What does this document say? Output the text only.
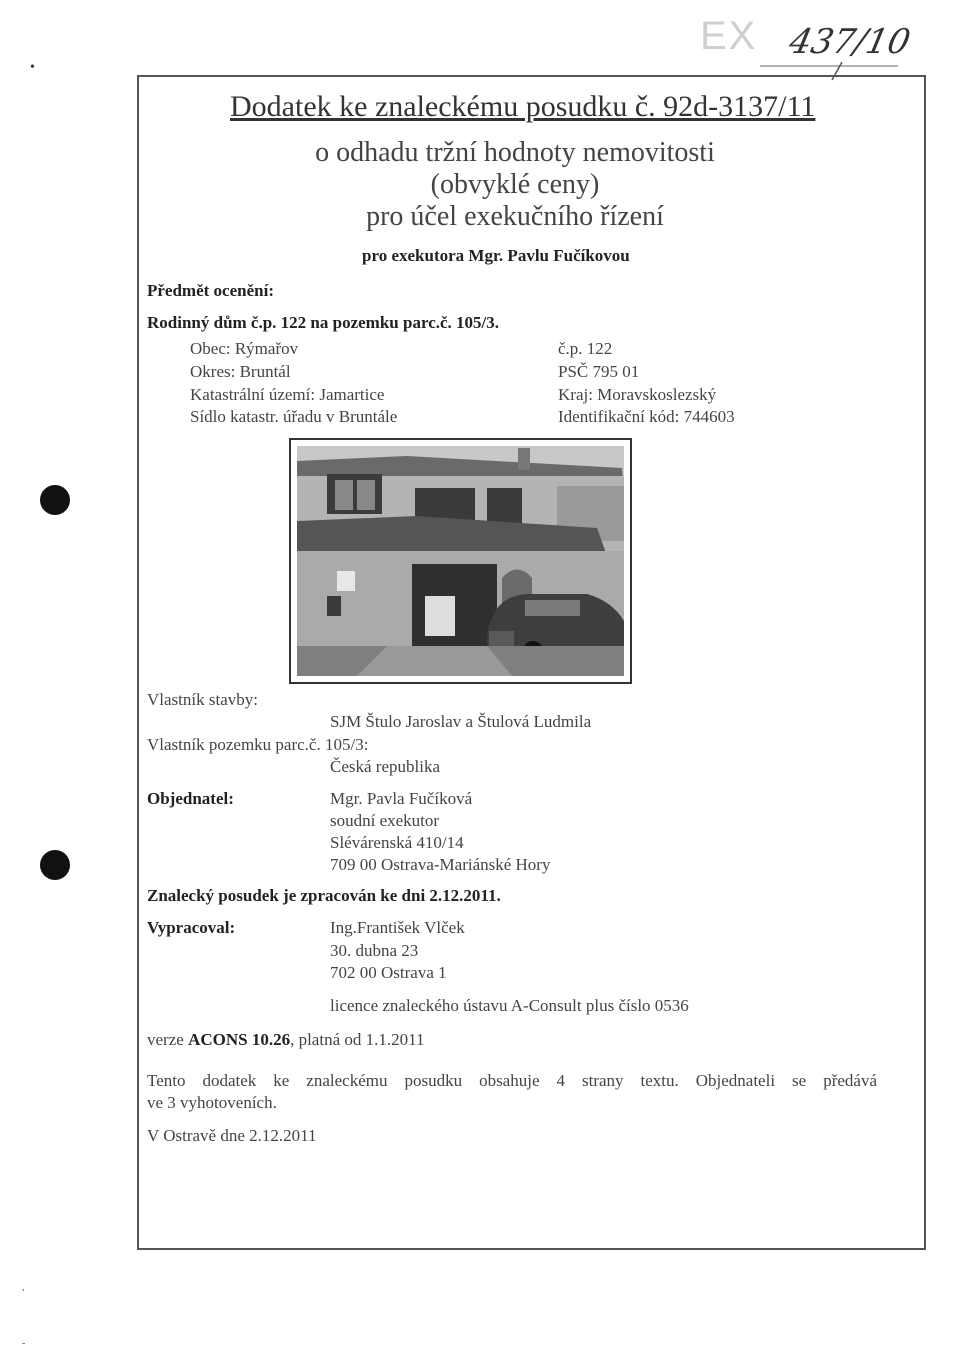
•
EX 437/10
Dodatek ke znaleckému posudku č. 92d-3137/11
o odhadu tržní hodnoty nemovitosti
(obvyklé ceny)
pro účel exekučního řízení
pro exekutora Mgr. Pavlu Fučíkovou
Předmět ocenění:
Rodinný dům č.p. 122 na pozemku parc.č. 105/3.
Obec: Rýmařov
Okres: Bruntál
Katastrální území: Jamartice
Sídlo katastr. úřadu v Bruntále
č.p. 122
PSČ 795 01
Kraj: Moravskoslezský
Identifikační kód: 744603
Vlastník stavby:
SJM Štulo Jaroslav a Štulová Ludmila
Vlastník pozemku parc.č. 105/3:
Česká republika
Objednatel:	Mgr. Pavla Fučíková
soudní exekutor
Slévárenská 410/14
709 00 Ostrava-Mariánské Hory
Znalecký posudek je zpracován ke dni 2.12.2011.
Vypracoval:	Ing.František Vlček
30. dubna 23
702 00 Ostrava 1
licence znaleckého ústavu A-Consult plus číslo 0536
verze ACONS 10.26, platná od 1.1.2011
Tento dodatek ke znaleckému posudku obsahuje 4 strany textu. Objednateli se předává
ve 3 vyhotoveních.
V Ostravě dne 2.12.2011
,
-
